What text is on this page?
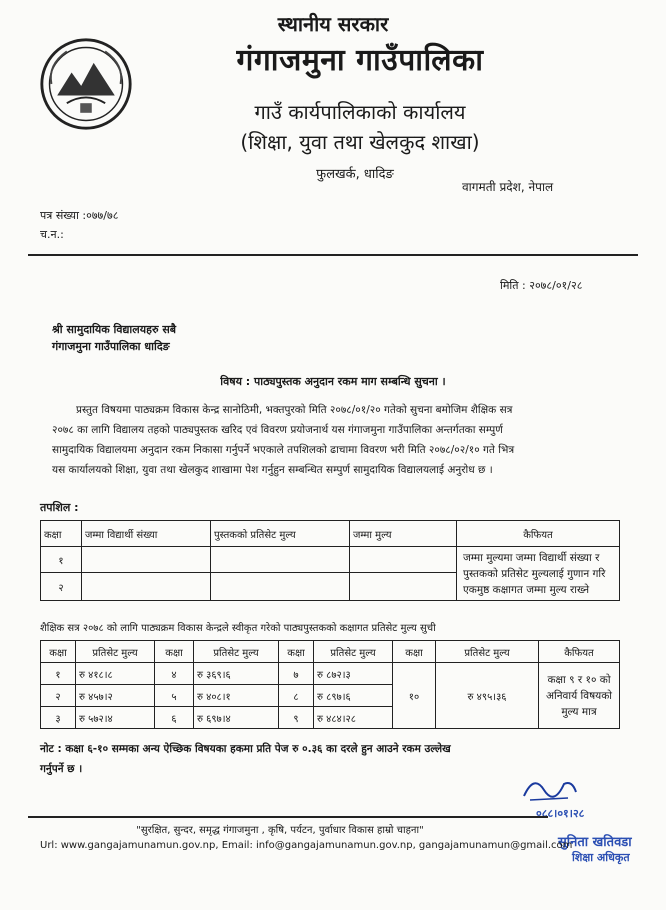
स्थानीय सरकार
गंगाजमुना गाउँपालिका
गाउँ कार्यपालिकाको कार्यालय
(शिक्षा, युवा तथा खेलकुद शाखा)
फुलखर्क, धादिङ
वागमती प्रदेश, नेपाल
पत्र संख्या :०७७/७८
च.न.:
मिति : २०७८/०१/२८
श्री सामुदायिक विद्यालयहरु सबै
गंगाजमुना गाउँपालिका धादिङ
विषय : पाठ्यपुस्तक अनुदान रकम माग सम्बन्धि सुचना ।
प्रस्तुत विषयमा पाठ्यक्रम विकास केन्द्र सानोठिमी, भक्तपुरको मिति २०७८/०१/२० गतेको सुचना बमोजिम शैक्षिक सत्र
२०७८ का लागि विद्यालय तहको पाठ्यपुस्तक खरिद एवं विवरण प्रयोजनार्थ यस गंगाजमुना गाउँपालिका अन्तर्गतका सम्पुर्ण
सामुदायिक विद्यालयमा अनुदान रकम निकासा गर्नुपर्ने भएकाले तपशिलको ढाचामा विवरण भरी मिति २०७८/०२/१० गते भित्र
यस कार्यालयको शिक्षा, युवा तथा खेलकुद शाखामा पेश गर्नुहुन सम्बन्धित सम्पुर्ण सामुदायिक विद्यालयलाई अनुरोध छ ।
तपशिल :
कक्षा	जम्मा विद्यार्थी संख्या	पुस्तकको प्रतिसेट मुल्य	जम्मा मुल्य	कैफियत
१				जम्मा मुल्यमा जम्मा विद्यार्थी संख्या र
पुस्तकको प्रतिसेट मुल्यलाई गुणान गरि
एकमुष्ठ कक्षागत जम्मा मुल्य राख्ने

२				
शैक्षिक सत्र २०७८ को लागि पाठ्यक्रम विकास केन्द्रले स्वीकृत गरेको पाठ्यपुस्तकको कक्षागत प्रतिसेट मुल्य सुची
कक्षा	प्रतिसेट मुल्य	कक्षा	प्रतिसेट मुल्य	कक्षा	प्रतिसेट मुल्य	कक्षा	प्रतिसेट मुल्य	कैफियत
१	रु ४१८।८	४	रु ३६९।६	७	रु ८७२।३	१०	रु ४९५।३६	कक्षा ९ र १० को
अनिवार्य विषयको
मुल्य मात्र

२	रु ४५७।२	५	रु ४०८।१	८	रु ८९७।६			
३	रु ५७२।४	६	रु ६९७।४	९	रु ४८४।२८			
नोट : कक्षा ६-१० सम्मका अन्य ऐच्छिक विषयका हकमा प्रति पेज रु ०.३६ का दरले हुन आउने रकम उल्लेख
गर्नुपर्ने छ ।
०८८।०१।२८
सुनिता खतिवडा
शिक्षा अधिकृत
"सुरक्षित, सुन्दर, समृद्ध गंगाजमुना , कृषि, पर्यटन, पुर्वाधार विकास हाम्रो चाहना"
Url: www.gangajamunamun.gov.np, Email: info@gangajamunamun.gov.np, gangajamunamun@gmail.com
